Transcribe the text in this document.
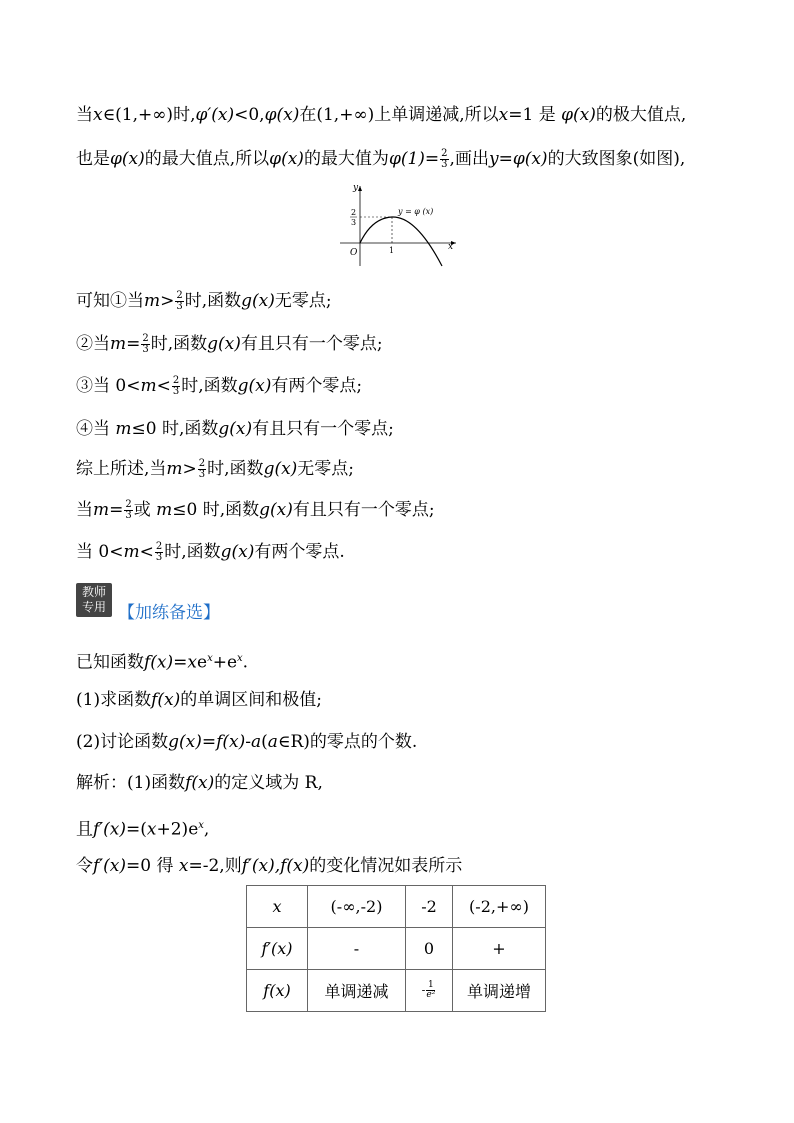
当x∈(1,+∞)时,φ′(x)<0,φ(x)在(1,+∞)上单调递减,所以x=1 是 φ(x)的极大值点,
也是φ(x)的最大值点,所以φ(x)的最大值为$\varphi(1)= \frac{2}{3}$ ,画出y=φ(x)的大致图象(如图),
y
x
O	1
2
3
y = φ (x)
可知①当$m> \frac{2}{3}$ 时,函数g(x)无零点;
②当$m= \frac{2}{3}$ 时,函数g(x)有且只有一个零点;
③当 $0<m< \frac{2}{3}$ 时,函数g(x)有两个零点;
④当 m≤0 时,函数g(x)有且只有一个零点;
综上所述,当$m> \frac{2}{3}$ 时,函数g(x)无零点;
当$m= \frac{2}{3}$ 或 m≤0 时,函数g(x)有且只有一个零点;
当 $0<m< \frac{2}{3}$ 时,函数g(x)有两个零点.
教师
专用 【加练备选】
已知函数$f(x)=xe^x+e^x$.
(1)求函数f(x)的单调区间和极值;
(2)讨论函数g(x)=f(x)-a(a∈R)的零点的个数.
解析：(1)函数f(x)的定义域为 R,
且$f'(x)=(x+2)e^x$,
令f′(x)=0 得 x=-2,则f′(x),f(x)的变化情况如表所示
x	(-∞,-2)	-2	(-2,+∞)
f′(x)	-	0	+
f(x)	单调递减	- $\frac{1}{\text{e²}}$	单调递增
